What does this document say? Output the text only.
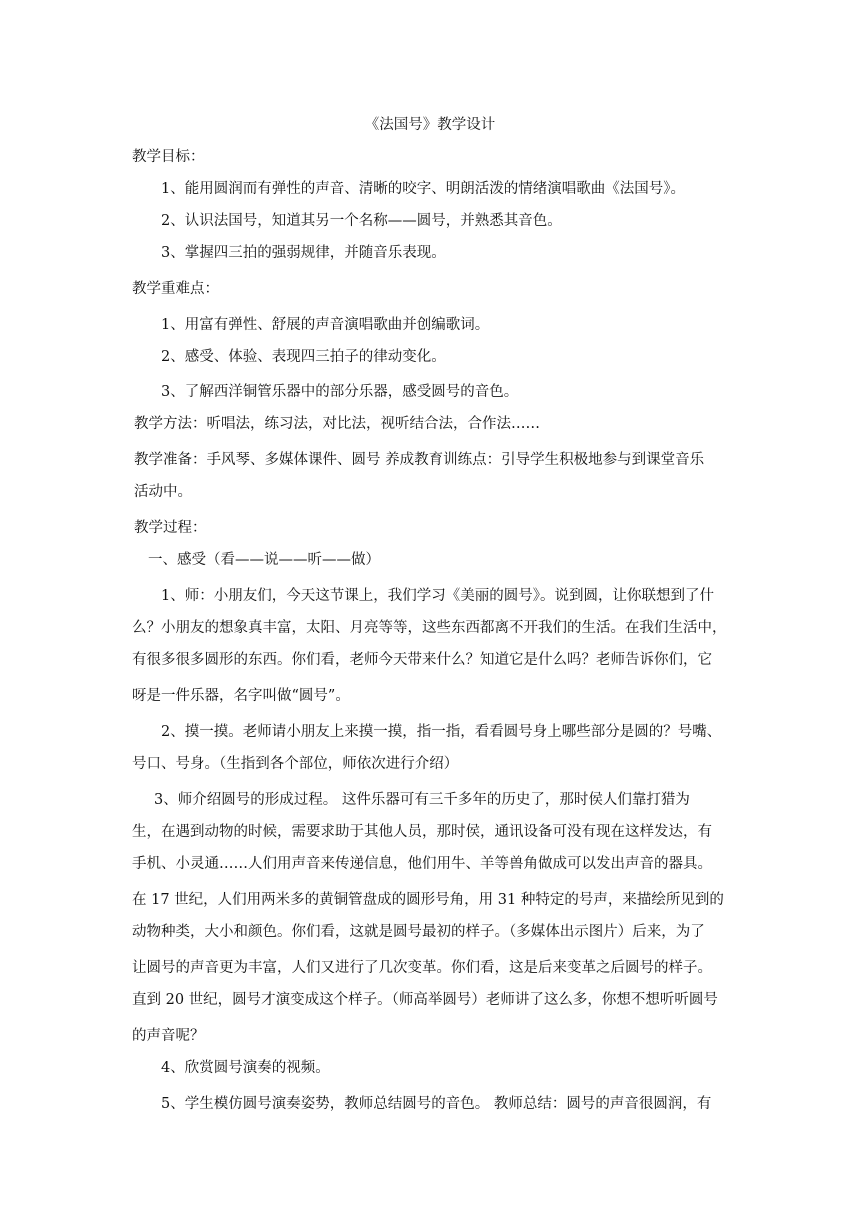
《法国号》教学设计
教学目标：
1、能用圆润而有弹性的声音、清晰的咬字、明朗活泼的情绪演唱歌曲《法国号》。
2、认识法国号，知道其另一个名称——圆号，并熟悉其音色。
3、掌握四三拍的强弱规律，并随音乐表现。
教学重难点：
1、用富有弹性、舒展的声音演唱歌曲并创编歌词。
2、感受、体验、表现四三拍子的律动变化。
3、了解西洋铜管乐器中的部分乐器，感受圆号的音色。
教学方法：听唱法，练习法，对比法，视听结合法，合作法……
教学准备：手风琴、多媒体课件、圆号 养成教育训练点：引导学生积极地参与到课堂音乐
活动中。
教学过程：
一、感受（看——说——听——做）
1、师：小朋友们，今天这节课上，我们学习《美丽的圆号》。说到圆，让你联想到了什
么？小朋友的想象真丰富，太阳、月亮等等，这些东西都离不开我们的生活。在我们生活中，
有很多很多圆形的东西。你们看，老师今天带来什么？知道它是什么吗？老师告诉你们，它
呀是一件乐器，名字叫做“圆号”。
2、摸一摸。老师请小朋友上来摸一摸，指一指，看看圆号身上哪些部分是圆的？号嘴、
号口、号身。（生指到各个部位，师依次进行介绍）
3、师介绍圆号的形成过程。 这件乐器可有三千多年的历史了，那时侯人们靠打猎为
生，在遇到动物的时候，需要求助于其他人员，那时侯，通讯设备可没有现在这样发达，有
手机、小灵通……人们用声音来传递信息，他们用牛、羊等兽角做成可以发出声音的器具。
在 17 世纪，人们用两米多的黄铜管盘成的圆形号角，用 31 种特定的号声，来描绘所见到的
动物种类，大小和颜色。你们看，这就是圆号最初的样子。（多媒体出示图片）后来，为了
让圆号的声音更为丰富，人们又进行了几次变革。你们看，这是后来变革之后圆号的样子。
直到 20 世纪，圆号才演变成这个样子。（师高举圆号）老师讲了这么多，你想不想听听圆号
的声音呢？
4、欣赏圆号演奏的视频。
5、学生模仿圆号演奏姿势，教师总结圆号的音色。 教师总结：圆号的声音很圆润，有
